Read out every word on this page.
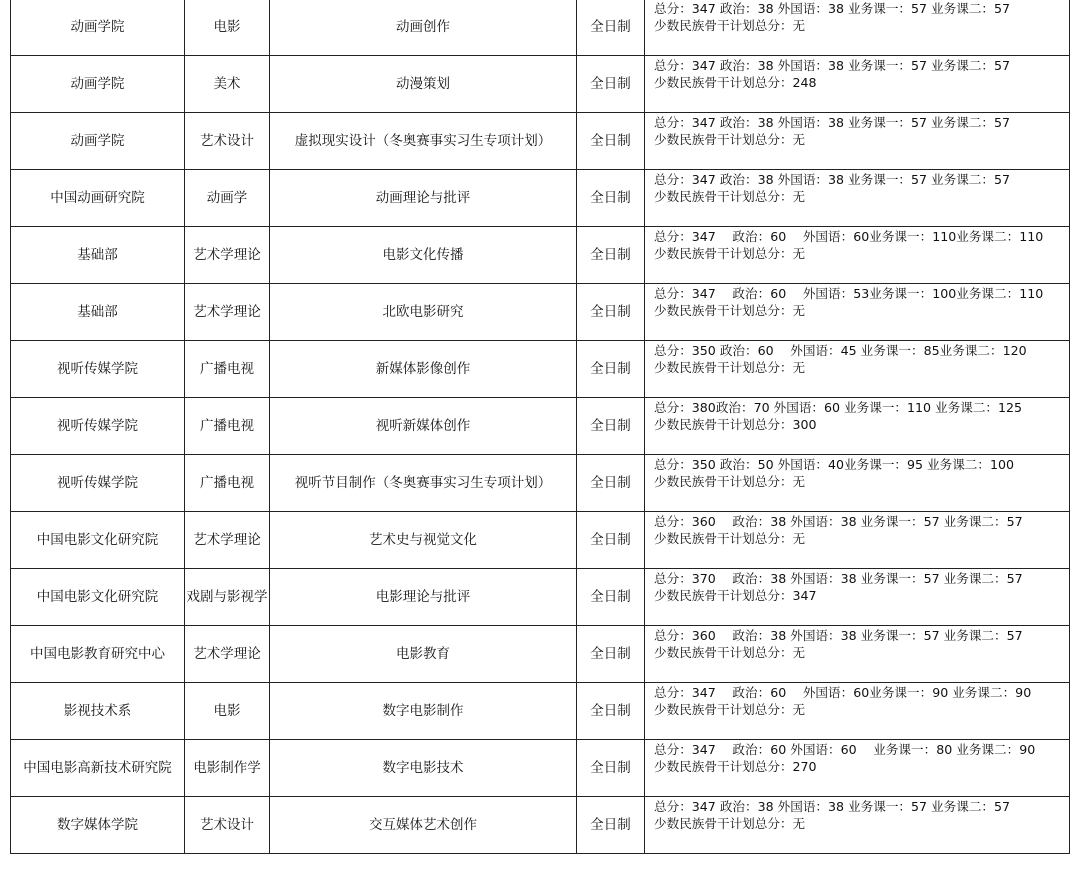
动画学院	电影	动画创作	全日制	总分：347 政治：38 外国语：38 业务课一：57 业务课二：57
少数民族骨干计划总分：无

动画学院	美术	动漫策划	全日制	总分：347 政治：38 外国语：38 业务课一：57 业务课二：57
少数民族骨干计划总分：248

动画学院	艺术设计	虚拟现实设计（冬奥赛事实习生专项计划）	全日制	总分：347 政治：38 外国语：38 业务课一：57 业务课二：57
少数民族骨干计划总分：无

中国动画研究院	动画学	动画理论与批评	全日制	总分：347 政治：38 外国语：38 业务课一：57 业务课二：57
少数民族骨干计划总分：无

基础部	艺术学理论	电影文化传播	全日制	总分：347　 政治：60　 外国语：60业务课一：110业务课二：110
少数民族骨干计划总分：无

基础部	艺术学理论	北欧电影研究	全日制	总分：347　 政治：60　 外国语：53业务课一：100业务课二：110
少数民族骨干计划总分：无

视听传媒学院	广播电视	新媒体影像创作	全日制	总分：350 政治：60　 外国语：45 业务课一：85业务课二：120
少数民族骨干计划总分：无

视听传媒学院	广播电视	视听新媒体创作	全日制	总分：380政治：70 外国语：60 业务课一：110 业务课二：125
少数民族骨干计划总分：300

视听传媒学院	广播电视	视听节目制作（冬奥赛事实习生专项计划）	全日制	总分：350 政治：50 外国语：40业务课一：95 业务课二：100
少数民族骨干计划总分：无

中国电影文化研究院	艺术学理论	艺术史与视觉文化	全日制	总分：360　 政治：38 外国语：38 业务课一：57 业务课二：57
少数民族骨干计划总分：无

中国电影文化研究院	戏剧与影视学	电影理论与批评	全日制	总分：370　 政治：38 外国语：38 业务课一：57 业务课二：57
少数民族骨干计划总分：347

中国电影教育研究中心	艺术学理论	电影教育	全日制	总分：360　 政治：38 外国语：38 业务课一：57 业务课二：57
少数民族骨干计划总分：无

影视技术系	电影	数字电影制作	全日制	总分：347　 政治：60　 外国语：60业务课一：90 业务课二：90
少数民族骨干计划总分：无

中国电影高新技术研究院	电影制作学	数字电影技术	全日制	总分：347　 政治：60 外国语：60　 业务课一：80 业务课二：90
少数民族骨干计划总分：270

数字媒体学院	艺术设计	交互媒体艺术创作	全日制	总分：347 政治：38 外国语：38 业务课一：57 业务课二：57
少数民族骨干计划总分：无
